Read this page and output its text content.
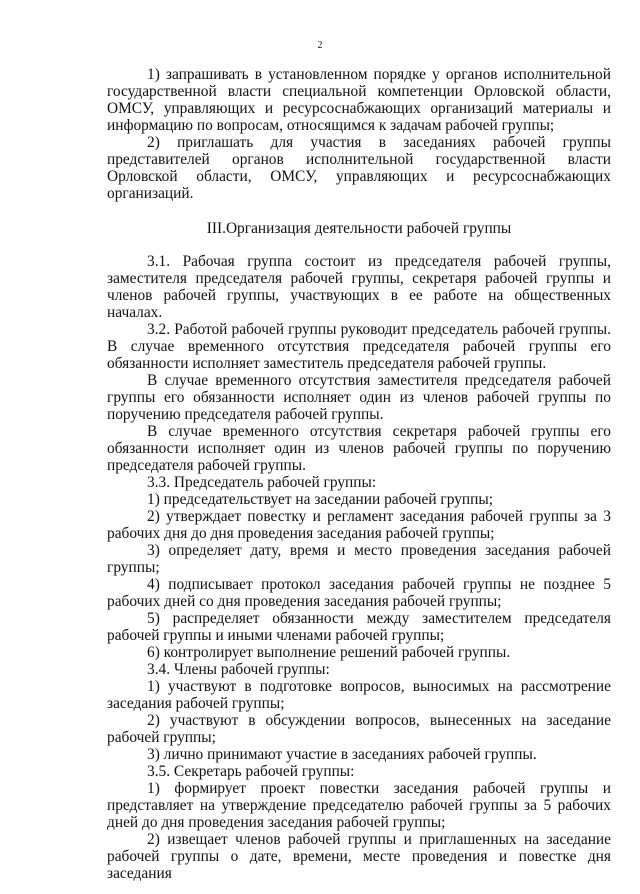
2

1) запрашивать в установленном порядке у органов исполнительной государственной власти специальной компетенции Орловской области, ОМСУ, управляющих и ресурсоснабжающих организаций материалы и информацию по вопросам, относящимся к задачам рабочей группы;

2) приглашать для участия в заседаниях рабочей группы представителей органов исполнительной государственной власти Орловской области, ОМСУ, управляющих и ресурсоснабжающих организаций.

III.Организация деятельности рабочей группы

3.1. Рабочая группа состоит из председателя рабочей группы, заместителя председателя рабочей группы, секретаря рабочей группы и членов рабочей группы, участвующих в ее работе на общественных началах.

3.2. Работой рабочей группы руководит председатель рабочей группы. В случае временного отсутствия председателя рабочей группы его обязанности исполняет заместитель председателя рабочей группы.

В случае временного отсутствия заместителя председателя рабочей группы его обязанности исполняет один из членов рабочей группы по поручению председателя рабочей группы.

В случае временного отсутствия секретаря рабочей группы его обязанности исполняет один из членов рабочей группы по поручению председателя рабочей группы.

3.3. Председатель рабочей группы:

1) председательствует на заседании рабочей группы;

2) утверждает повестку и регламент заседания рабочей группы за 3 рабочих дня до дня проведения заседания рабочей группы;

3) определяет дату, время и место проведения заседания рабочей группы;

4) подписывает протокол заседания рабочей группы не позднее 5 рабочих дней со дня проведения заседания рабочей группы;

5) распределяет обязанности между заместителем председателя рабочей группы и иными членами рабочей группы;

6) контролирует выполнение решений рабочей группы.

3.4. Члены рабочей группы:

1) участвуют в подготовке вопросов, выносимых на рассмотрение заседания рабочей группы;

2) участвуют в обсуждении вопросов, вынесенных на заседание рабочей группы;

3) лично принимают участие в заседаниях рабочей группы.

3.5. Секретарь рабочей группы:

1) формирует проект повестки заседания рабочей группы и представляет на утверждение председателю рабочей группы за 5 рабочих дней до дня проведения заседания рабочей группы;

2) извещает членов рабочей группы и приглашенных на заседание рабочей группы о дате, времени, месте проведения и повестке дня заседания
